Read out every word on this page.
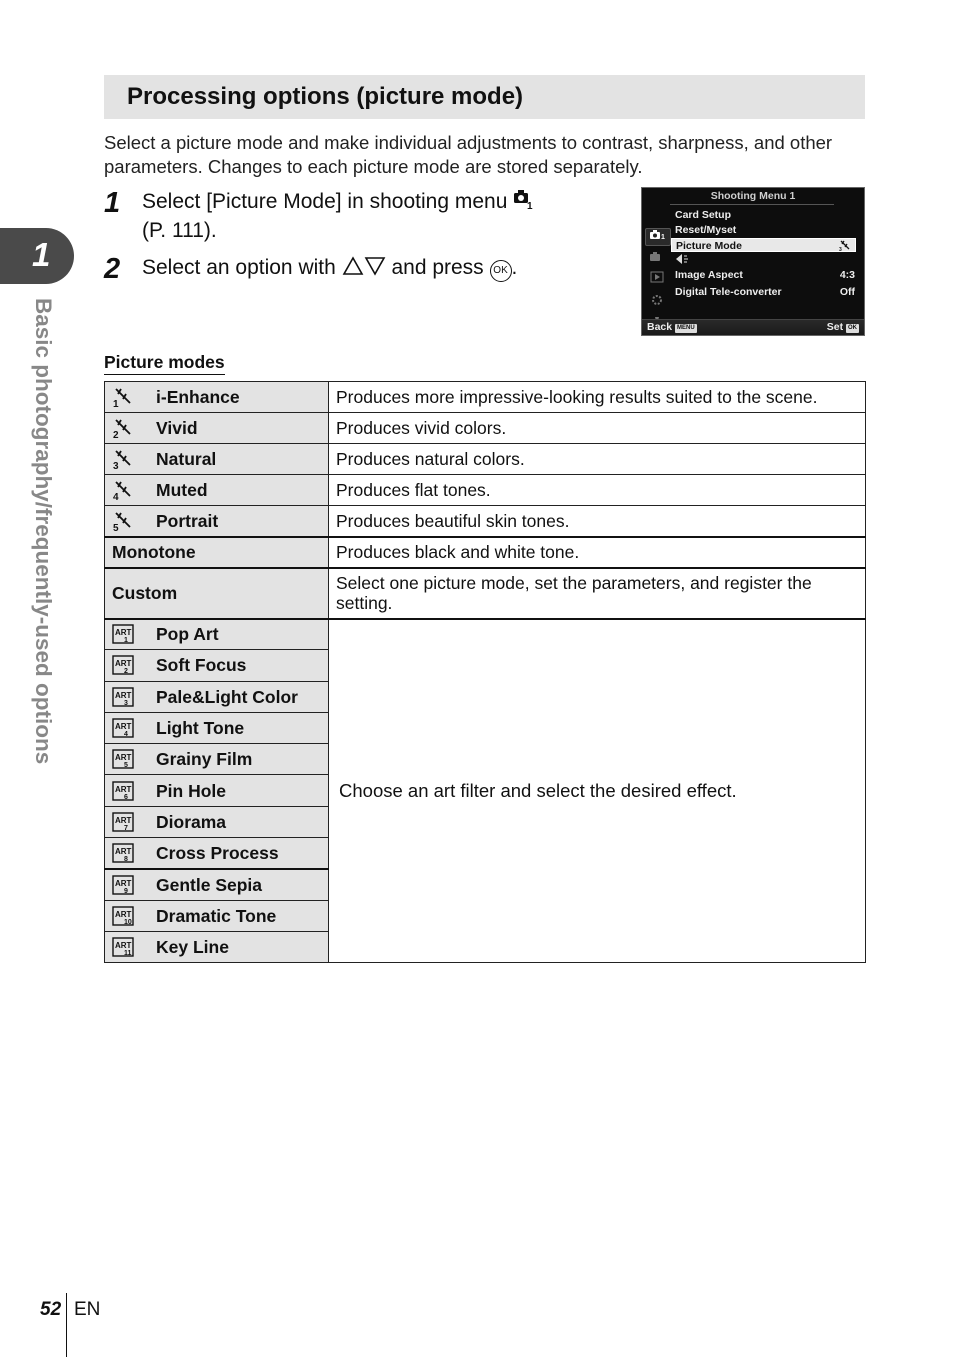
1
Basic photography/frequently-used options
Processing options (picture mode)

Select a picture mode and make individual adjustments to contrast, sharpness, and other parameters. Changes to each picture mode are stored separately.

1 Select [Picture Mode] in shooting menu 1

(P. 111).
2 Select an option with  and press OK .
Shooting Menu 1
1
Card Setup
Reset/Myset
Picture Mode	3
Image Aspect	4:3
Digital Tele-converter	Off
Back MENU	Set OK
Picture modes
1 i-Enhance	Produces more impressive-looking results suited to the scene.

2 Vivid	Produces vivid colors.

3 Natural	Produces natural colors.

4 Muted	Produces flat tones.

5 Portrait	Produces beautiful skin tones.
Monotone	Produces black and white tone.
Custom	Select one picture mode, set the parameters, and register the setting.

ART
1 Pop Art	Choose an art filter and select the desired effect.

ART
2 Soft Focus	

ART
3 Pale&Light Color	

ART
4 Light Tone	

ART
5 Grainy Film	

ART
6 Pin Hole	

ART
7 Diorama	

ART
8 Cross Process	

ART
9 Gentle Sepia	

ART
10 Dramatic Tone	

ART
11 Key Line	
52 EN
